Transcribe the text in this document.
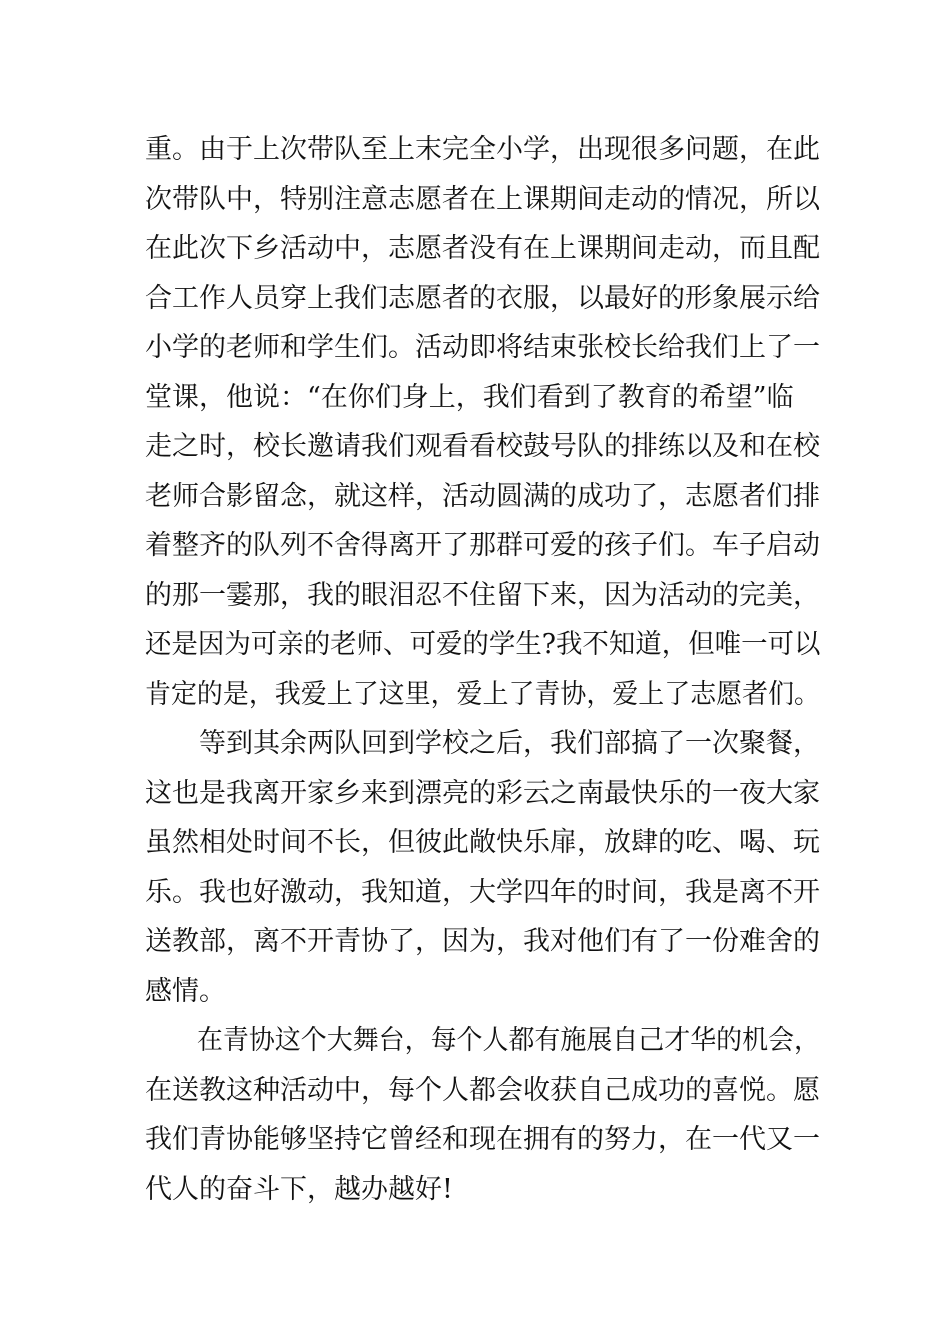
重。由于上次带队至上末完全小学，出现很多问题，在此
次带队中，特别注意志愿者在上课期间走动的情况，所以
在此次下乡活动中，志愿者没有在上课期间走动，而且配
合工作人员穿上我们志愿者的衣服，以最好的形象展示给
小学的老师和学生们。活动即将结束张校长给我们上了一
堂课，他说：“在你们身上，我们看到了教育的希望”临
走之时，校长邀请我们观看看校鼓号队的排练以及和在校
老师合影留念，就这样，活动圆满的成功了，志愿者们排
着整齐的队列不舍得离开了那群可爱的孩子们。车子启动
的那一霎那，我的眼泪忍不住留下来，因为活动的完美，
还是因为可亲的老师、可爱的学生?我不知道，但唯一可以
肯定的是，我爱上了这里，爱上了青协，爱上了志愿者们。
　　等到其余两队回到学校之后，我们部搞了一次聚餐，
这也是我离开家乡来到漂亮的彩云之南最快乐的一夜大家
虽然相处时间不长，但彼此敞快乐扉，放肆的吃、喝、玩
乐。我也好激动，我知道，大学四年的时间，我是离不开
送教部，离不开青协了，因为，我对他们有了一份难舍的
感情。
　　在青协这个大舞台，每个人都有施展自己才华的机会，
在送教这种活动中，每个人都会收获自己成功的喜悦。愿
我们青协能够坚持它曾经和现在拥有的努力，在一代又一
代人的奋斗下，越办越好!
